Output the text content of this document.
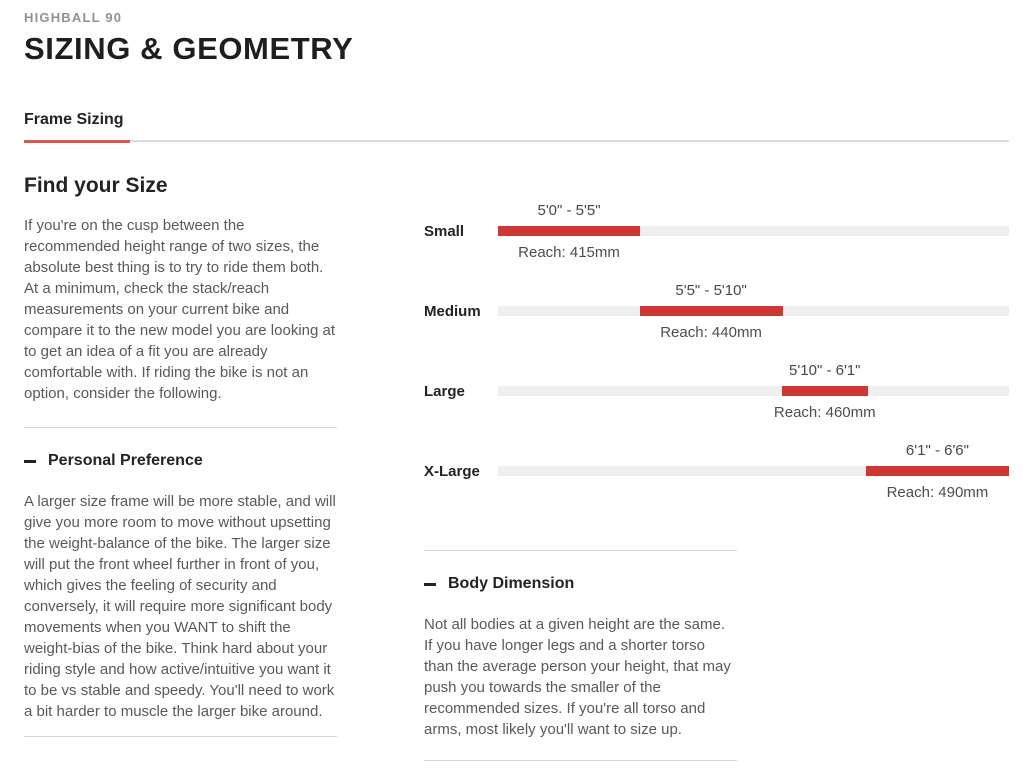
HIGHBALL 90
SIZING & GEOMETRY
Frame Sizing
Find your Size

If you're on the cusp between the recommended height range of two sizes, the absolute best thing is to try to ride them both. At a minimum, check the stack/reach measurements on your current bike and compare it to the new model you are looking at to get an idea of a fit you are already comfortable with. If riding the bike is not an option, consider the following.

Personal Preference

A larger size frame will be more stable, and will give you more room to move without upsetting the weight-balance of the bike. The larger size will put the front wheel further in front of you, which gives the feeling of security and conversely, it will require more significant body movements when you WANT to shift the weight-bias of the bike. Think hard about your riding style and how active/intuitive you want it to be vs stable and speedy. You'll need to work a bit harder to muscle the larger bike around.

Small
5'0" - 5'5"
Reach: 415mm
Medium
5'5" - 5'10"
Reach: 440mm
Large
5'10" - 6'1"
Reach: 460mm
X-Large
6'1" - 6'6"
Reach: 490mm
Body Dimension

Not all bodies at a given height are the same. If you have longer legs and a shorter torso than the average person your height, that may push you towards the smaller of the recommended sizes. If you're all torso and arms, most likely you'll want to size up.
